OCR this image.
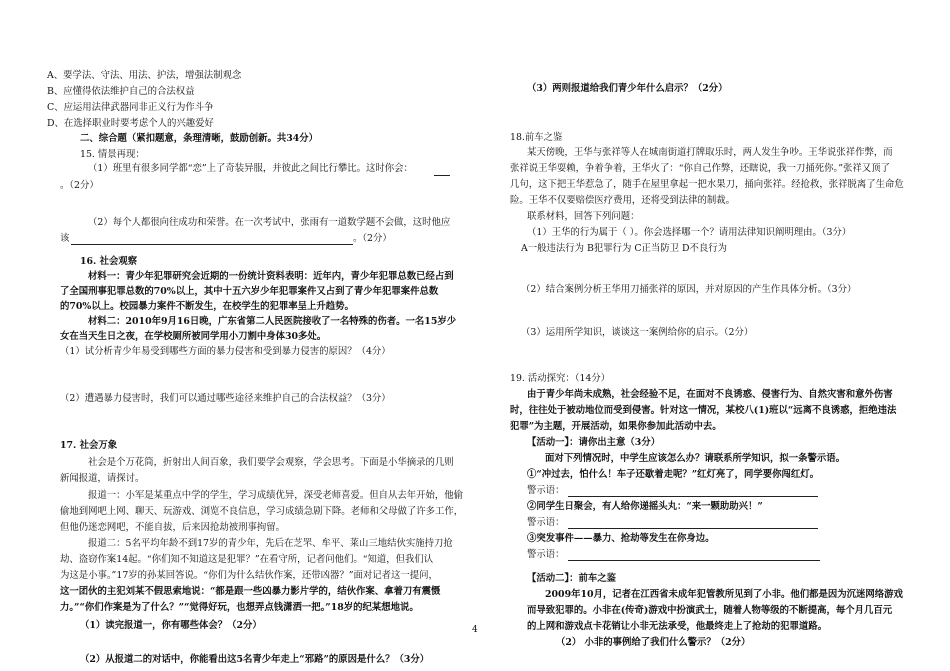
A、要学法、守法、用法、护法，增强法制观念
B、应懂得依法维护自己的合法权益
C、应运用法律武器同非正义行为作斗争
D、在选择职业时要考虑个人的兴趣爱好
二、综合题（紧扣题意，条理清晰，鼓励创新。共34分）
15. 情景再现：
（1）班里有很多同学都“恋”上了奇装异服，并彼此之间比行攀比。这时你会：
。（2分）
（2）每个人都很向往成功和荣誉。在一次考试中，张雨有一道数学题不会做，这时他应
该	。（2分）
16. 社会观察
材料一：青少年犯罪研究会近期的一份统计资料表明：近年内，青少年犯罪总数已经占到
了全国刑事犯罪总数的70%以上，其中十五六岁少年犯罪案件又占到了青少年犯罪案件总数
的70%以上。校园暴力案件不断发生，在校学生的犯罪率呈上升趋势。
材料二：2010年9月16日晚，广东省第二人民医院接收了一名特殊的伤者。一名15岁少
女在当天生日之夜，在学校厕所被同学用小刀割中身体30多处。
（1）试分析青少年易受到哪些方面的暴力侵害和受到暴力侵害的原因？（4分）
（2）遭遇暴力侵害时，我们可以通过哪些途径来维护自己的合法权益？（3分）
17. 社会万象
社会是个万花筒，折射出人间百象，我们要学会观察，学会思考。下面是小华摘录的几则
新闻报道，请探讨。
报道一：小军是某重点中学的学生，学习成绩优异，深受老师喜爱。但自从去年开始，他偷
偷地到网吧上网、聊天、玩游戏、浏览不良信息，学习成绩急剧下降。老师和父母做了许多工作，
但他仍迷恋网吧，不能自拔，后来因抢劫被刑事拘留。
报道二：5名平均年龄不到17岁的青少年，先后在芝罘、牟平、莱山三地结伙实施持刀抢
劫、盗窃作案14起。“你们知不知道这是犯罪？”在看守所，记者问他们。“知道，但我们认
为这是小事。”17岁的孙某回答说。“你们为什么结伙作案，还带凶器？”面对记者这一提问，
这一团伙的主犯刘某不假思索地说：“都是跟一些凶暴力影片学的，结伙作案、拿着刀有震慑
力。”“你们作案是为了什么？”“觉得好玩，也想弄点钱潇洒一把。”18岁的纪某想地说。
（1）读完报道一，你有哪些体会？（2分）
（2）从报道二的对话中，你能看出这5名青少年走上“邪路”的原因是什么？（3分）
（3）两则报道给我们青少年什么启示？（2分）
18.前车之鉴
某天傍晚，王华与张祥等人在城南街道打牌取乐时，两人发生争吵。王华说张祥作弊，而
张祥说王华耍赖，争着争着，王华火了：“你自己作弊，还瞎说，我一刀捅死你。”张祥又顶了
几句，这下把王华惹急了，随手在屋里拿起一把水果刀，捅向张祥。经抢救，张祥脱离了生命危
险。王华不仅要赔偿医疗费用，还将受到法律的制裁。
联系材料，回答下列问题：
（1）王华的行为属于（ ）。你会选择哪一个？请用法律知识阐明理由。（3分）
A一般违法行为 B犯罪行为 C正当防卫 D不良行为
（2）结合案例分析王华用刀捅张祥的原因，并对原因的产生作具体分析。（3分）
（3）运用所学知识，谈谈这一案例给你的启示。（2分）
19. 活动探究：（14分）
由于青少年尚未成熟，社会经验不足，在面对不良诱惑、侵害行为、自然灾害和意外伤害
时，往往处于被动地位而受到侵害。针对这一情况，某校八(1)班以“远离不良诱惑，拒绝违法
犯罪”为主题，开展活动，如果你参加此活动中去。
【活动一】：请你出主意（3分）
面对下列情况时，中学生应该怎么办？请联系所学知识，拟一条警示语。
①“冲过去，怕什么！车子还歇着走呢？”红灯亮了，同学要你闯红灯。
警示语：
②同学生日聚会，有人给你递摇头丸：“来一颗助助兴！”
警示语：
③突发事件——暴力、抢劫等发生在你身边。
警示语：
【活动二】：前车之鉴
2009年10月，记者在江西省未成年犯管教所见到了小非。他们都是因为沉迷网络游戏
而导致犯罪的。小非在(传奇)游戏中扮演武士，随着人物等级的不断提高，每个月几百元
的上网和游戏点卡花销让小非无法承受，他最终走上了抢劫的犯罪道路。
（2） 小非的事例给了我们什么警示？（2分）
4
